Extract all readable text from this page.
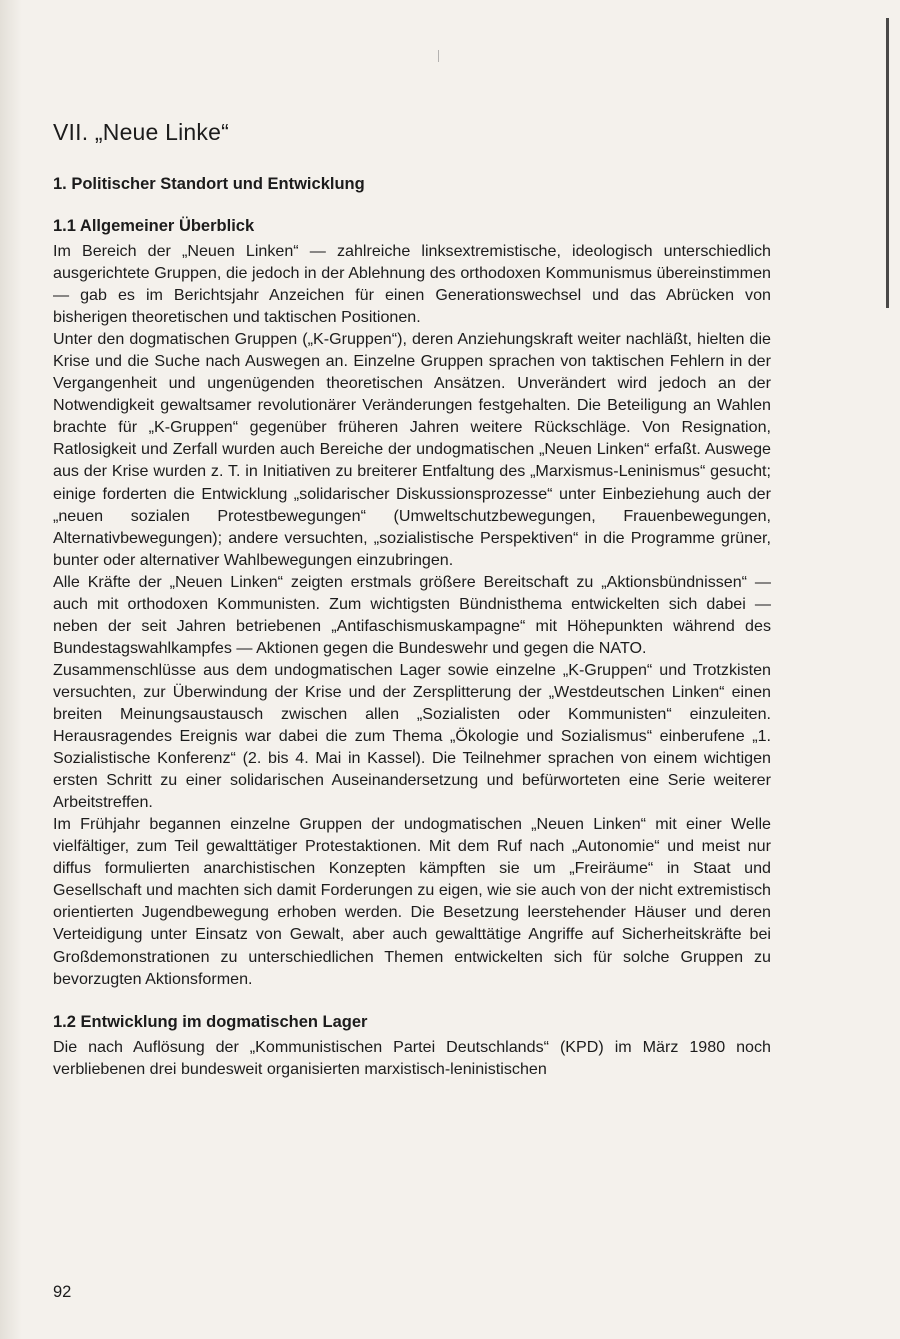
VII. „Neue Linke“
1. Politischer Standort und Entwicklung
1.1 Allgemeiner Überblick

Im Bereich der „Neuen Linken“ — zahlreiche linksextremistische, ideologisch unterschiedlich ausgerichtete Gruppen, die jedoch in der Ablehnung des orthodoxen Kommunismus übereinstimmen — gab es im Berichtsjahr Anzeichen für einen Generationswechsel und das Abrücken von bisherigen theoretischen und taktischen Positionen.

Unter den dogmatischen Gruppen („K-Gruppen“), deren Anziehungskraft weiter nachläßt, hielten die Krise und die Suche nach Auswegen an. Einzelne Gruppen sprachen von taktischen Fehlern in der Vergangenheit und ungenügenden theoretischen Ansätzen. Unverändert wird jedoch an der Notwendigkeit gewaltsamer revolutionärer Veränderungen festgehalten. Die Beteiligung an Wahlen brachte für „K-Gruppen“ gegenüber früheren Jahren weitere Rückschläge. Von Resignation, Ratlosigkeit und Zerfall wurden auch Bereiche der undogmatischen „Neuen Linken“ erfaßt. Auswege aus der Krise wurden z. T. in Initiativen zu breiterer Entfaltung des „Marxismus-Leninismus“ gesucht; einige forderten die Entwicklung „solidarischer Diskussionsprozesse“ unter Einbeziehung auch der „neuen sozialen Protestbewegungen“ (Umweltschutzbewegungen, Frauenbewegungen, Alternativbewegungen); andere versuchten, „sozialistische Perspektiven“ in die Programme grüner, bunter oder alternativer Wahlbewegungen einzubringen.

Alle Kräfte der „Neuen Linken“ zeigten erstmals größere Bereitschaft zu „Aktionsbündnissen“ — auch mit orthodoxen Kommunisten. Zum wichtigsten Bündnisthema entwickelten sich dabei — neben der seit Jahren betriebenen „Antifaschismuskampagne“ mit Höhepunkten während des Bundestagswahlkampfes — Aktionen gegen die Bundeswehr und gegen die NATO.

Zusammenschlüsse aus dem undogmatischen Lager sowie einzelne „K-Gruppen“ und Trotzkisten versuchten, zur Überwindung der Krise und der Zersplitterung der „Westdeutschen Linken“ einen breiten Meinungsaustausch zwischen allen „Sozialisten oder Kommunisten“ einzuleiten. Herausragendes Ereignis war dabei die zum Thema „Ökologie und Sozialismus“ einberufene „1. Sozialistische Konferenz“ (2. bis 4. Mai in Kassel). Die Teilnehmer sprachen von einem wichtigen ersten Schritt zu einer solidarischen Auseinandersetzung und befürworteten eine Serie weiterer Arbeitstreffen.

Im Frühjahr begannen einzelne Gruppen der undogmatischen „Neuen Linken“ mit einer Welle vielfältiger, zum Teil gewalttätiger Protestaktionen. Mit dem Ruf nach „Autonomie“ und meist nur diffus formulierten anarchistischen Konzepten kämpften sie um „Freiräume“ in Staat und Gesellschaft und machten sich damit Forderungen zu eigen, wie sie auch von der nicht extremistisch orientierten Jugendbewegung erhoben werden. Die Besetzung leerstehender Häuser und deren Verteidigung unter Einsatz von Gewalt, aber auch gewalttätige Angriffe auf Sicherheitskräfte bei Großdemonstrationen zu unterschiedlichen Themen entwickelten sich für solche Gruppen zu bevorzugten Aktionsformen.

1.2 Entwicklung im dogmatischen Lager

Die nach Auflösung der „Kommunistischen Partei Deutschlands“ (KPD) im März 1980 noch verbliebenen drei bundesweit organisierten marxistisch-leninistischen

92
